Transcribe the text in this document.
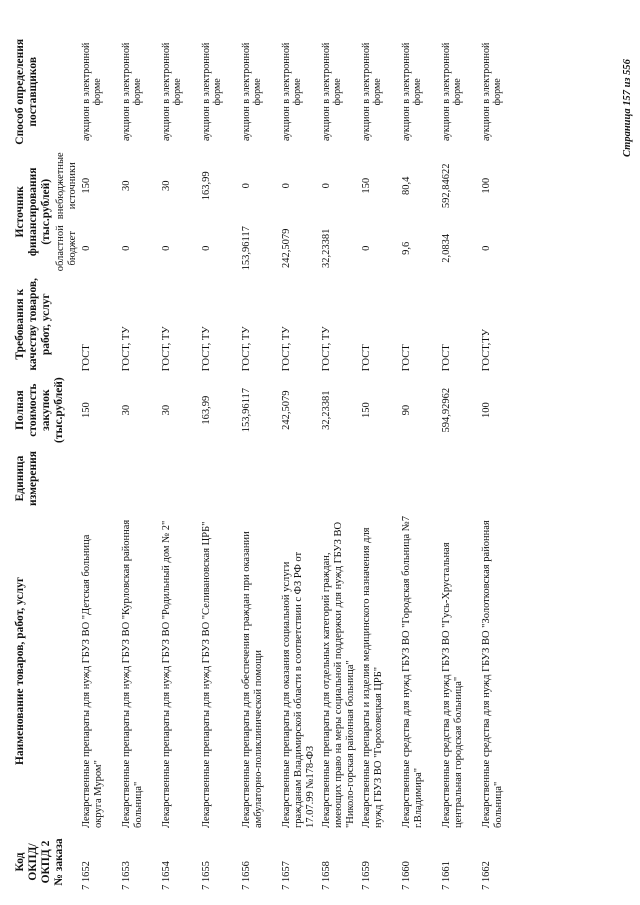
Код ОКПД/ ОКПД 2 № заказа	Наименование товаров, работ, услуг	Единица измерения	Полная стоимость закупок (тыс.рублей)	Требования к качеству товаров, работ, услуг	Источник финансирования (тыс.рублей)		Способ определения поставщиков
					областной бюджет	внебюджетные источники	
7 1652	Лекарственные препараты для нужд ГБУЗ ВО "Детская больница округа Муром"		150	ГОСТ	0	150	аукцион в электронной форме
7 1653	Лекарственные препараты для нужд ГБУЗ ВО "Курловская районная больница"		30	ГОСТ, ТУ	0	30	аукцион в электронной форме
7 1654	Лекарственные препараты для нужд ГБУЗ ВО "Родильный дом № 2"		30	ГОСТ, ТУ	0	30	аукцион в электронной форме
7 1655	Лекарственные препараты для нужд ГБУЗ ВО "Селивановская ЦРБ"		163,99	ГОСТ, ТУ	0	163,99	аукцион в электронной форме
7 1656	Лекарственные препараты для обеспечения граждан при оказании амбулаторно-поликлинической помощи		153,96117	ГОСТ, ТУ	153,96117	0	аукцион в электронной форме
7 1657	Лекарственные препараты для оказания социальной услуги гражданам Владимирской области в соответствии с ФЗ РФ от 17.07.99 №178-ФЗ		242,5079	ГОСТ, ТУ	242,5079	0	аукцион в электронной форме
7 1658	Лекарственные препараты для отдельных категорий граждан, имеющих право на меры социальной поддержки для нужд ГБУЗ ВО "Николо-горская районная больница"		32,23381	ГОСТ, ТУ	32,23381	0	аукцион в электронной форме
7 1659	Лекарственные препараты и изделия медицинского назначения для нужд ГБУЗ ВО "Гороховецкая ЦРБ"		150	ГОСТ	0	150	аукцион в электронной форме
7 1660	Лекарственные средства для нужд ГБУЗ ВО "Городская больница №7 г.Владимира"		90	ГОСТ	9,6	80,4	аукцион в электронной форме
7 1661	Лекарственные средства для нужд ГБУЗ ВО "Гусь-Хрустальная центральная городская больница"		594,92962	ГОСТ	2,0834	592,84622	аукцион в электронной форме
7 1662	Лекарственные средства для нужд ГБУЗ ВО "Золотковская районная больница"		100	ГОСТ,ТУ	0	100	аукцион в электронной форме	Страница 157 из 556
